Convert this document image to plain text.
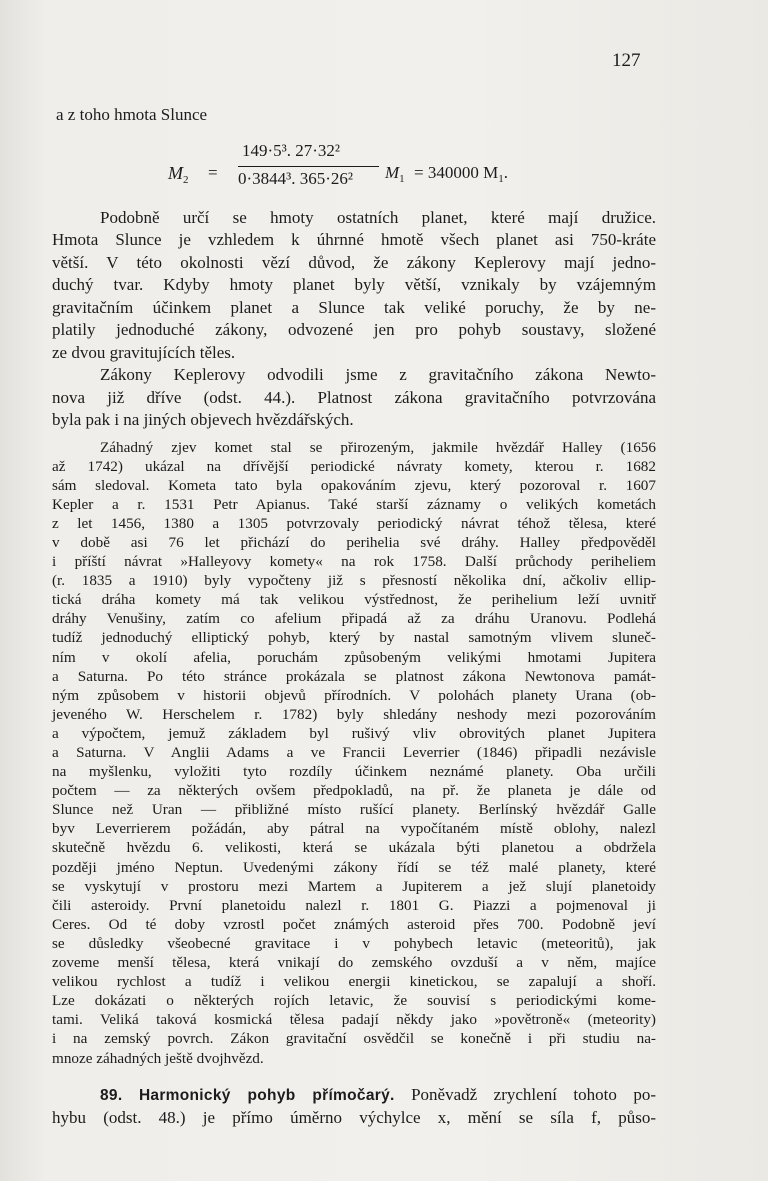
127
a z toho hmota Slunce
$M_2$ =
149·5³. 27·32²
0·3844³. 365·26² $M_1 = 340000$ $M_1$.
Podobně určí se hmoty ostatních planet, které mají družice.
Hmota Slunce je vzhledem k úhrnné hmotě všech planet asi 750-kráte
větší. V této okolnosti vězí důvod, že zákony Keplerovy mají jedno-
duchý tvar. Kdyby hmoty planet byly větší, vznikaly by vzájemným
gravitačním účinkem planet a Slunce tak veliké poruchy, že by ne-
platily jednoduché zákony, odvozené jen pro pohyb soustavy, složené
ze dvou gravitujících těles.
Zákony Keplerovy odvodili jsme z gravitačního zákona Newto-
nova již dříve (odst. 44.). Platnost zákona gravitačního potvrzována
byla pak i na jiných objevech hvězdářských.
Záhadný zjev komet stal se přirozeným, jakmile hvězdář Halley (1656
až 1742) ukázal na dřívější periodické návraty komety, kterou r. 1682
sám sledoval. Kometa tato byla opakováním zjevu, který pozoroval r. 1607
Kepler a r. 1531 Petr Apianus. Také starší záznamy o velikých kometách
z let 1456, 1380 a 1305 potvrzovaly periodický návrat téhož tělesa, které
v době asi 76 let přichází do perihelia své dráhy. Halley předpověděl
i příští návrat »Halleyovy komety« na rok 1758. Další průchody periheliem
(r. 1835 a 1910) byly vypočteny již s přesností několika dní, ačkoliv ellip-
tická dráha komety má tak velikou výstřednost, že perihelium leží uvnitř
dráhy Venušiny, zatím co afelium připadá až za dráhu Uranovu. Podlehá
tudíž jednoduchý elliptický pohyb, který by nastal samotným vlivem sluneč-
ním v okolí afelia, poruchám způsobeným velikými hmotami Jupitera
a Saturna. Po této stránce prokázala se platnost zákona Newtonova památ-
ným způsobem v historii objevů přírodních. V polohách planety Urana (ob-
jeveného W. Herschelem r. 1782) byly shledány neshody mezi pozorováním
a výpočtem, jemuž základem byl rušivý vliv obrovitých planet Jupitera
a Saturna. V Anglii Adams a ve Francii Leverrier (1846) připadli nezávisle
na myšlenku, vyložiti tyto rozdíly účinkem neznámé planety. Oba určili
počtem — za některých ovšem předpokladů, na př. že planeta je dále od
Slunce než Uran — přibližné místo rušící planety. Berlínský hvězdář Galle
byv Leverrierem požádán, aby pátral na vypočítaném místě oblohy, nalezl
skutečně hvězdu 6. velikosti, která se ukázala býti planetou a obdržela
později jméno Neptun. Uvedenými zákony řídí se též malé planety, které
se vyskytují v prostoru mezi Martem a Jupiterem a jež slují planetoidy
čili asteroidy. První planetoidu nalezl r. 1801 G. Piazzi a pojmenoval ji
Ceres. Od té doby vzrostl počet známých asteroid přes 700. Podobně jeví
se důsledky všeobecné gravitace i v pohybech letavic (meteoritů), jak
zoveme menší tělesa, která vnikají do zemského ovzduší a v něm, majíce
velikou rychlost a tudíž i velikou energii kinetickou, se zapalují a shoří.
Lze dokázati o některých rojích letavic, že souvisí s periodickými kome-
tami. Veliká taková kosmická tělesa padají někdy jako »povětroně« (meteority)
i na zemský povrch. Zákon gravitační osvědčil se konečně i při studiu na-
mnoze záhadných ještě dvojhvězd.
89. Harmonický pohyb přímočarý. Poněvadž zrychlení tohoto po-
hybu (odst. 48.) je přímo úměrno výchylce x, mění se síla f, půso-
